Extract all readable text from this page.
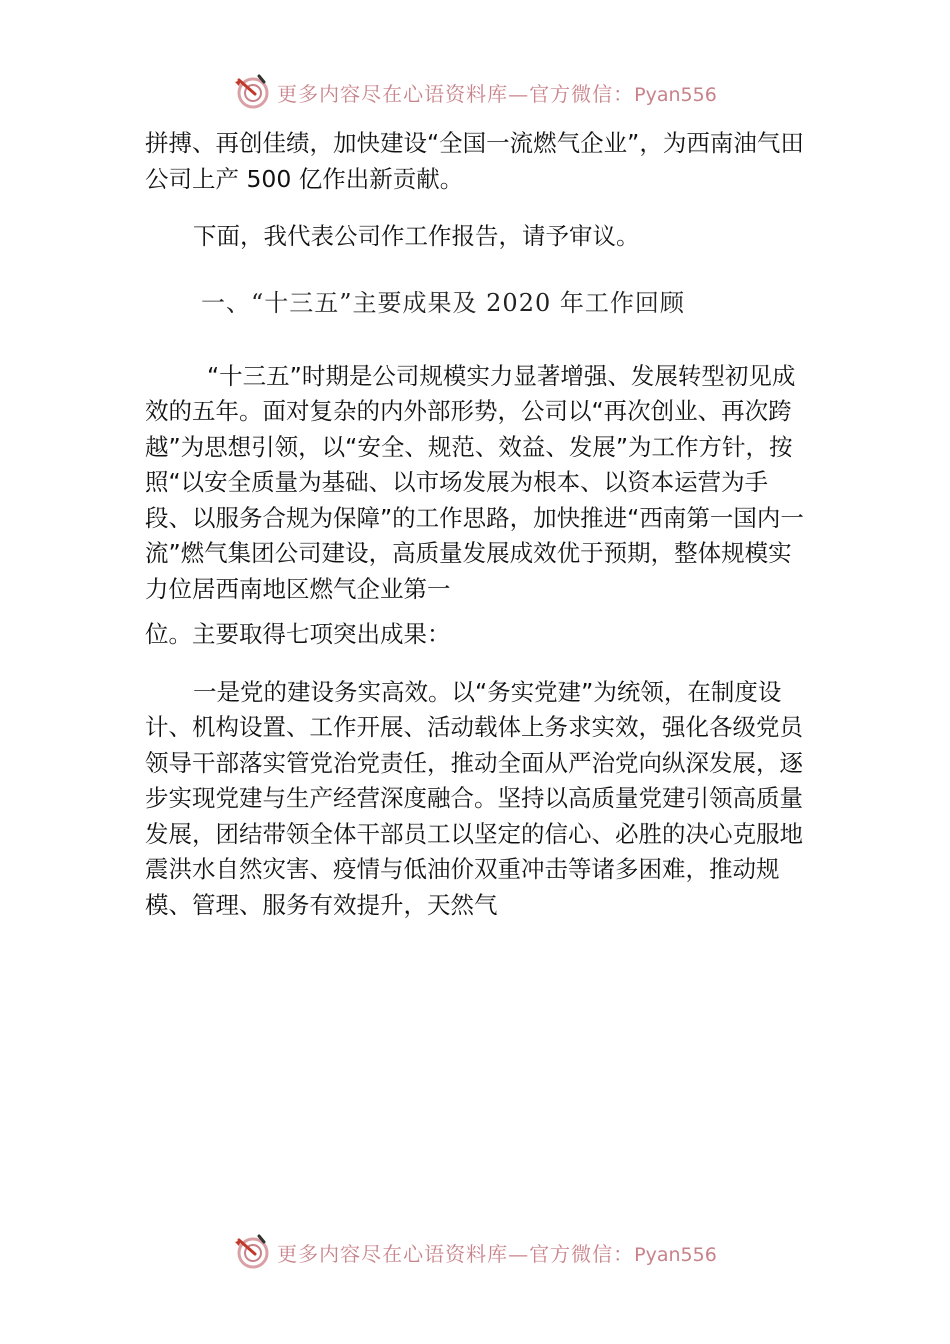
更多内容尽在心语资料库—官方微信：Pyan556

拼搏、再创佳绩，加快建设“全国一流燃气企业”，为西南油气田公司上产 500 亿作出新贡献。

下面，我代表公司作工作报告，请予审议。

一、“十三五”主要成果及 2020 年工作回顾

“十三五”时期是公司规模实力显著增强、发展转型初见成效的五年。面对复杂的内外部形势，公司以“再次创业、再次跨越”为思想引领，以“安全、规范、效益、发展”为工作方针，按照“以安全质量为基础、以市场发展为根本、以资本运营为手段、以服务合规为保障”的工作思路，加快推进“西南第一国内一流”燃气集团公司建设，高质量发展成效优于预期，整体规模实力位居西南地区燃气企业第一

位。主要取得七项突出成果：

一是党的建设务实高效。以“务实党建”为统领，在制度设计、机构设置、工作开展、活动载体上务求实效，强化各级党员领导干部落实管党治党责任，推动全面从严治党向纵深发展，逐步实现党建与生产经营深度融合。坚持以高质量党建引领高质量发展，团结带领全体干部员工以坚定的信心、必胜的决心克服地震洪水自然灾害、疫情与低油价双重冲击等诸多困难，推动规模、管理、服务有效提升，天然气

更多内容尽在心语资料库—官方微信：Pyan556
